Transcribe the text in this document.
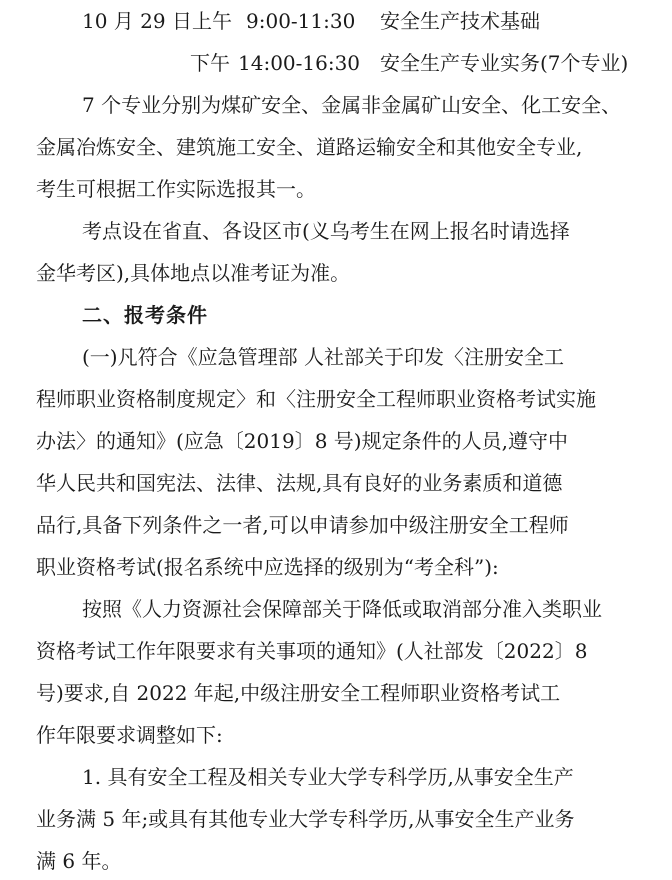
10 月 29 日上午 9:00-11:30 安全生产技术基础
下午 14:00-16:30 安全生产专业实务(7个专业)
7 个专业分别为煤矿安全、金属非金属矿山安全、化工安全、
金属冶炼安全、建筑施工安全、道路运输安全和其他安全专业,
考生可根据工作实际选报其一。
考点设在省直、各设区市(义乌考生在网上报名时请选择
金华考区),具体地点以准考证为准。
二、报考条件
(一)凡符合《应急管理部 人社部关于印发〈注册安全工
程师职业资格制度规定〉和〈注册安全工程师职业资格考试实施
办法〉的通知》(应急〔2019〕8 号)规定条件的人员,遵守中
华人民共和国宪法、法律、法规,具有良好的业务素质和道德
品行,具备下列条件之一者,可以申请参加中级注册安全工程师
职业资格考试(报名系统中应选择的级别为“考全科”):
按照《人力资源社会保障部关于降低或取消部分准入类职业
资格考试工作年限要求有关事项的通知》(人社部发〔2022〕8
号)要求,自 2022 年起,中级注册安全工程师职业资格考试工
作年限要求调整如下:
1. 具有安全工程及相关专业大学专科学历,从事安全生产
业务满 5 年;或具有其他专业大学专科学历,从事安全生产业务
满 6 年。
